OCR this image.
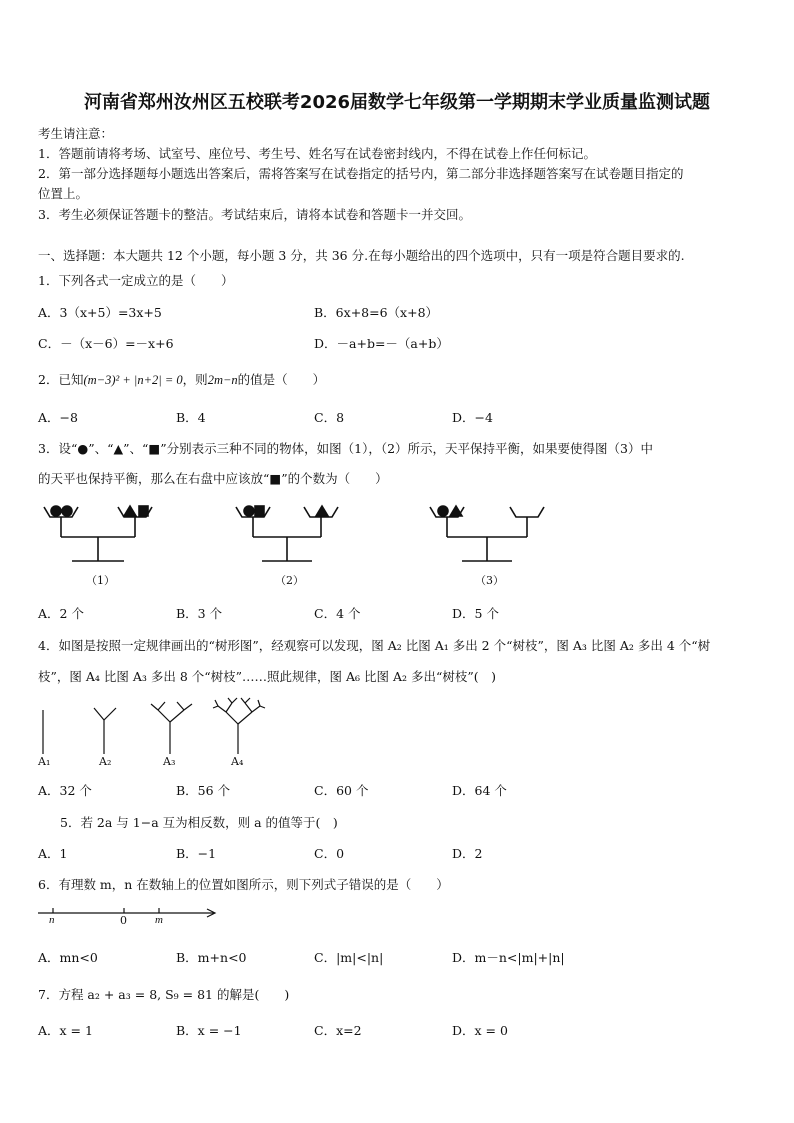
河南省郑州汝州区五校联考2026届数学七年级第一学期期末学业质量监测试题
考生请注意：
1．答题前请将考场、试室号、座位号、考生号、姓名写在试卷密封线内，不得在试卷上作任何标记。
2．第一部分选择题每小题选出答案后，需将答案写在试卷指定的括号内，第二部分非选择题答案写在试卷题目指定的
位置上。
3．考生必须保证答题卡的整洁。考试结束后，请将本试卷和答题卡一并交回。
一、选择题：本大题共 12 个小题，每小题 3 分，共 36 分.在每小题给出的四个选项中，只有一项是符合题目要求的.
1．下列各式一定成立的是（　　）
A．3（x+5）=3x+5	B．6x+8=6（x+8）
C．－（x－6）=－x+6	D．－a+b=－（a+b）
2．已知(m−3)² + |n+2| = 0，则2m−n的值是（　　）
A．−8	B．4	C．8	D．−4
3．设“●”、“▲”、“■”分别表示三种不同的物体，如图（1），（2）所示，天平保持平衡，如果要使得图（3）中
的天平也保持平衡，那么在右盘中应该放“■”的个数为（　　）
（1）	（2）	（3）
A．2 个	B．3 个	C．4 个	D．5 个
4．如图是按照一定规律画出的“树形图”，经观察可以发现，图 A₂ 比图 A₁ 多出 2 个“树枝”，图 A₃ 比图 A₂ 多出 4 个“树
枝”，图 A₄ 比图 A₃ 多出 8 个“树枝”……照此规律，图 A₆ 比图 A₂ 多出“树枝”(　)
A₁	A₂	A₃	A₄
A．32 个	B．56 个	C．60 个	D．64 个
5．若 2a 与 1−a 互为相反数，则 a 的值等于(　)
A．1	B．−1	C．0	D．2
6．有理数 m，n 在数轴上的位置如图所示，则下列式子错误的是（　　）
n	0	m
A．mn<0	B．m+n<0	C．|m|<|n|	D．m－n<|m|+|n|
7．方程 a₂ + a₃ = 8, S₉ = 81 的解是(　　)
A．x = 1	B．x = −1	C．x=2	D．x = 0
